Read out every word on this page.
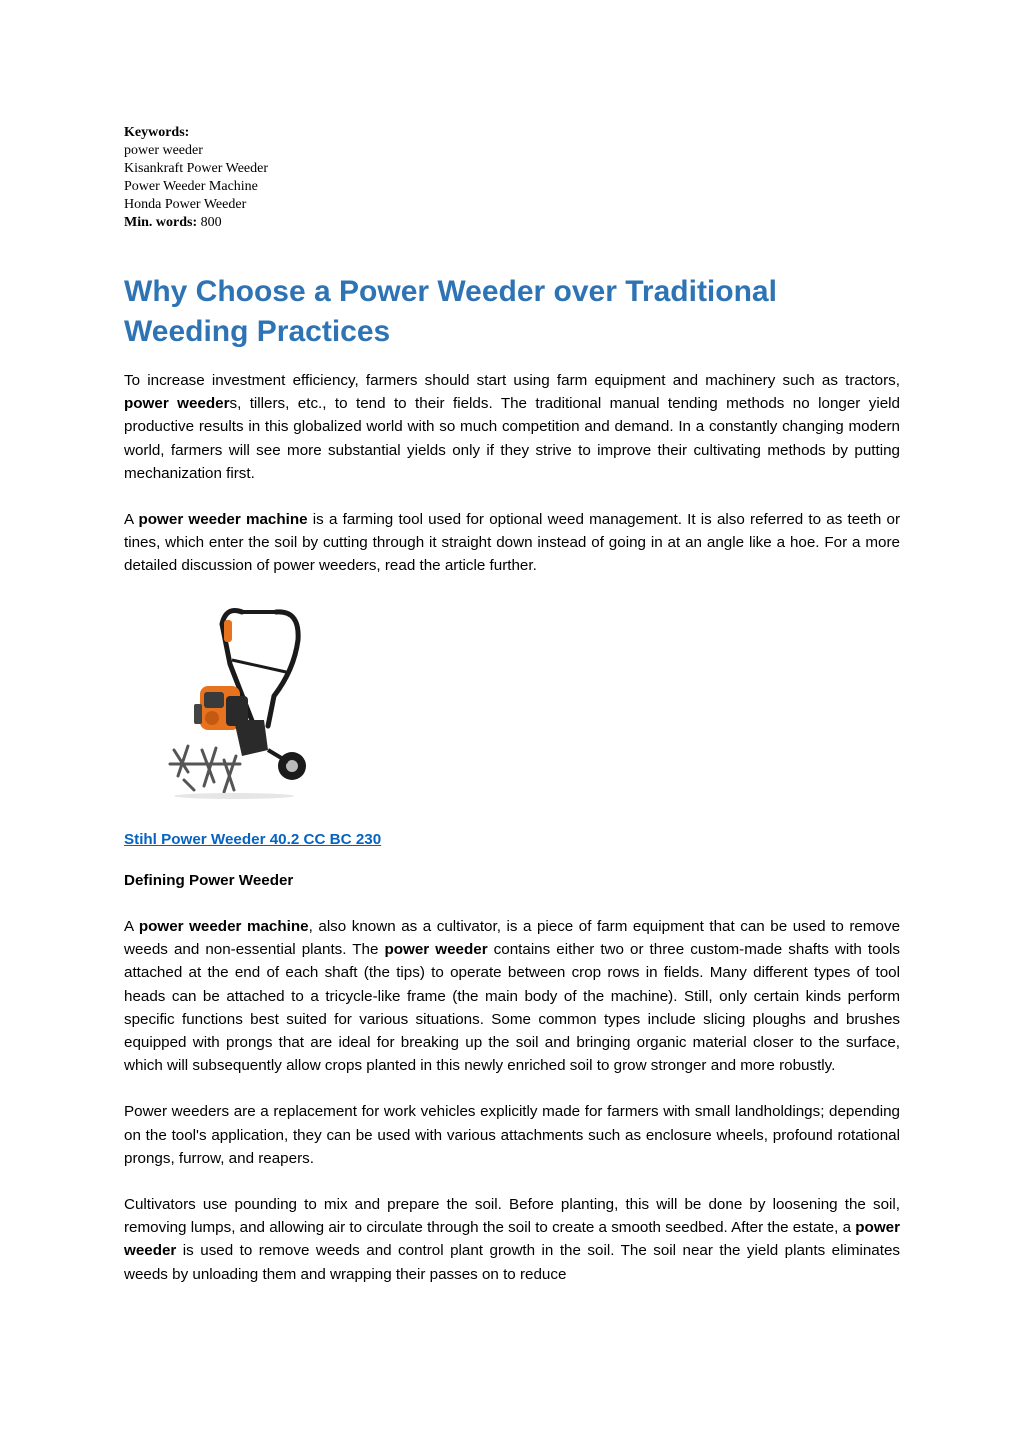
Keywords:
power weeder
Kisankraft Power Weeder
Power Weeder Machine
Honda Power Weeder
Min. words: 800
Why Choose a Power Weeder over Traditional Weeding Practices

To increase investment efficiency, farmers should start using farm equipment and machinery such as tractors, power weeders, tillers, etc., to tend to their fields. The traditional manual tending methods no longer yield productive results in this globalized world with so much competition and demand. In a constantly changing modern world, farmers will see more substantial yields only if they strive to improve their cultivating methods by putting mechanization first.

A power weeder machine is a farming tool used for optional weed management. It is also referred to as teeth or tines, which enter the soil by cutting through it straight down instead of going in at an angle like a hoe. For a more detailed discussion of power weeders, read the article further.

Stihl Power Weeder 40.2 CC BC 230
Defining Power Weeder

A power weeder machine, also known as a cultivator, is a piece of farm equipment that can be used to remove weeds and non-essential plants. The power weeder contains either two or three custom-made shafts with tools attached at the end of each shaft (the tips) to operate between crop rows in fields. Many different types of tool heads can be attached to a tricycle-like frame (the main body of the machine). Still, only certain kinds perform specific functions best suited for various situations. Some common types include slicing ploughs and brushes equipped with prongs that are ideal for breaking up the soil and bringing organic material closer to the surface, which will subsequently allow crops planted in this newly enriched soil to grow stronger and more robustly.

Power weeders are a replacement for work vehicles explicitly made for farmers with small landholdings; depending on the tool's application, they can be used with various attachments such as enclosure wheels, profound rotational prongs, furrow, and reapers.

Cultivators use pounding to mix and prepare the soil. Before planting, this will be done by loosening the soil, removing lumps, and allowing air to circulate through the soil to create a smooth seedbed. After the estate, a power weeder is used to remove weeds and control plant growth in the soil. The soil near the yield plants eliminates weeds by unloading them and wrapping their passes on to reduce
